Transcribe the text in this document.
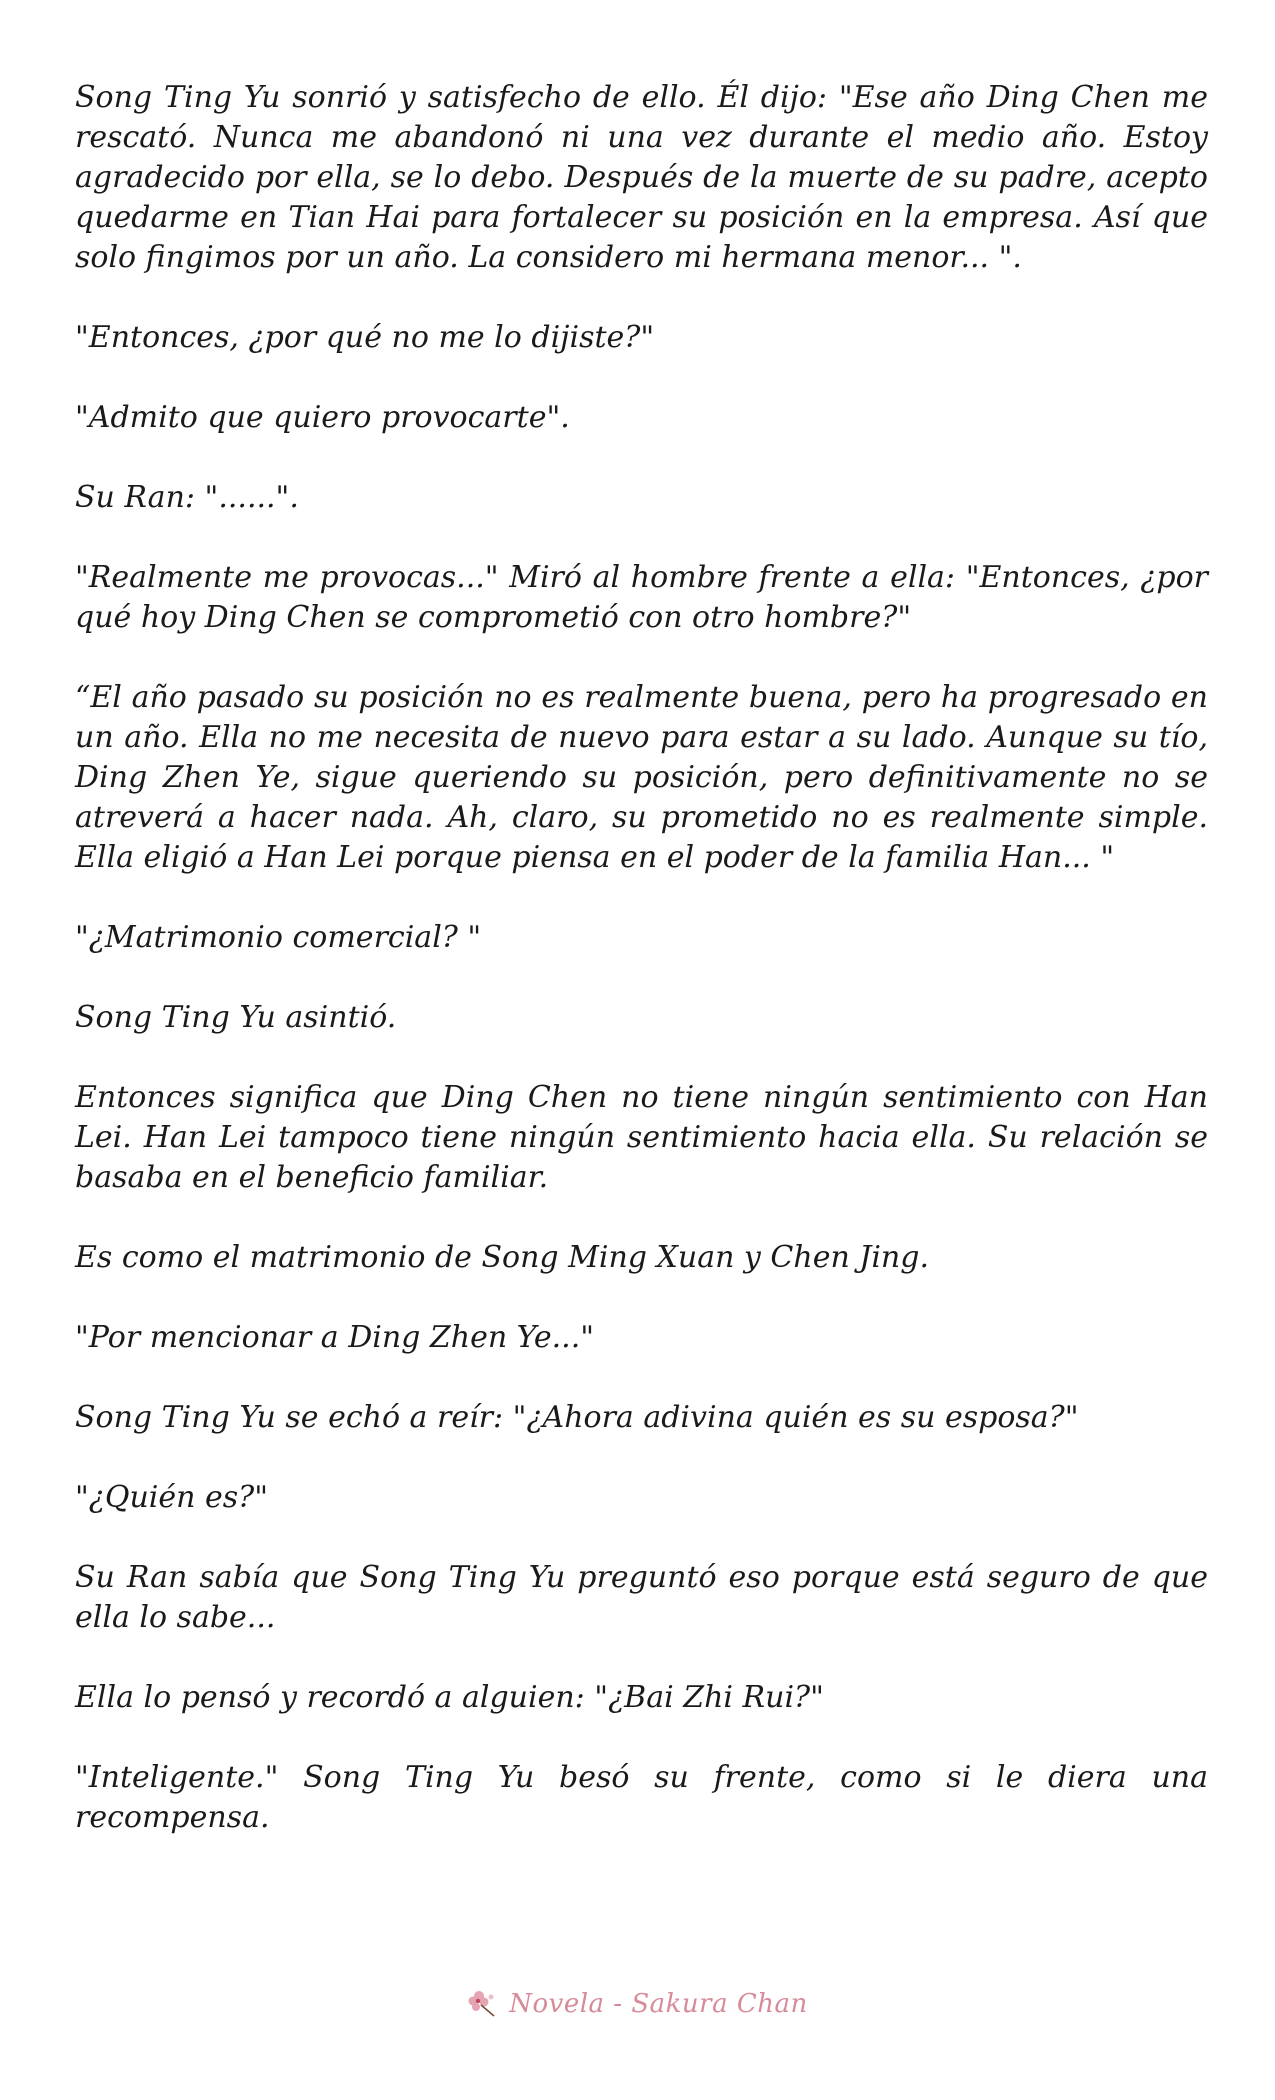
Song Ting Yu sonrió y satisfecho de ello. Él dijo: "Ese año Ding Chen me rescató. Nunca me abandonó ni una vez durante el medio año. Estoy agradecido por ella, se lo debo. Después de la muerte de su padre, acepto quedarme en Tian Hai para fortalecer su posición en la empresa. Así que solo fingimos por un año. La considero mi hermana menor... ".

"Entonces, ¿por qué no me lo dijiste?"

"Admito que quiero provocarte".

Su Ran: "......".

"Realmente me provocas..." Miró al hombre frente a ella: "Entonces, ¿por qué hoy Ding Chen se comprometió con otro hombre?"

“El año pasado su posición no es realmente buena, pero ha progresado en un año. Ella no me necesita de nuevo para estar a su lado. Aunque su tío, Ding Zhen Ye, sigue queriendo su posición, pero definitivamente no se atreverá a hacer nada. Ah, claro, su prometido no es realmente simple. Ella eligió a Han Lei porque piensa en el poder de la familia Han... "

"¿Matrimonio comercial? "

Song Ting Yu asintió.

Entonces significa que Ding Chen no tiene ningún sentimiento con Han Lei. Han Lei tampoco tiene ningún sentimiento hacia ella. Su relación se basaba en el beneficio familiar.

Es como el matrimonio de Song Ming Xuan y Chen Jing.

"Por mencionar a Ding Zhen Ye..."

Song Ting Yu se echó a reír: "¿Ahora adivina quién es su esposa?"

"¿Quién es?"

Su Ran sabía que Song Ting Yu preguntó eso porque está seguro de que ella lo sabe...

Ella lo pensó y recordó a alguien: "¿Bai Zhi Rui?"

"Inteligente." Song Ting Yu besó su frente, como si le diera una recompensa.

Novela - Sakura Chan
